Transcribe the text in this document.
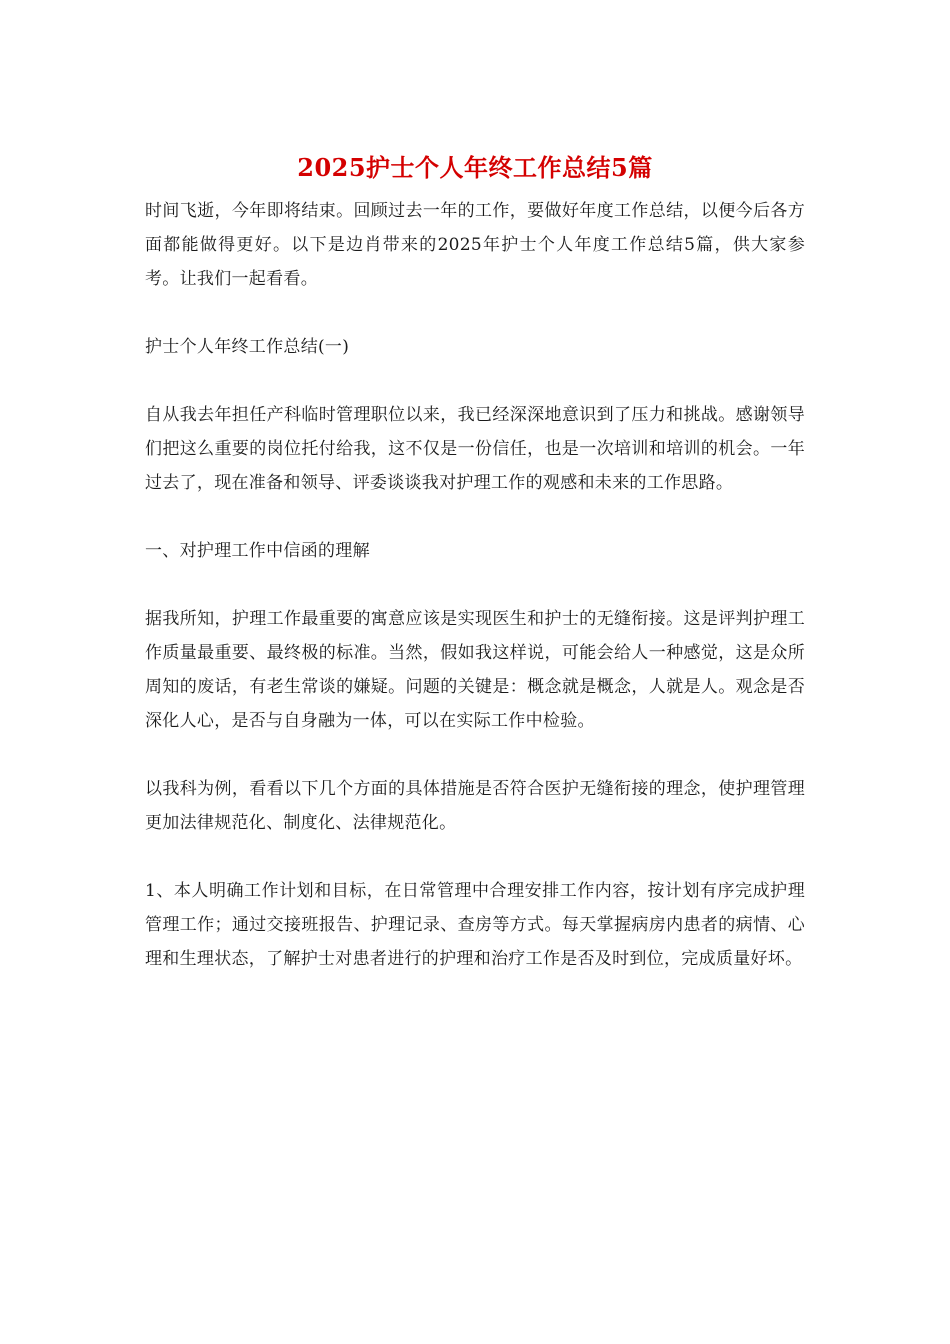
2025护士个人年终工作总结5篇

时间飞逝，今年即将结束。回顾过去一年的工作，要做好年度工作总结，以便今后各方面都能做得更好。以下是边肖带来的2025年护士个人年度工作总结5篇，供大家参考。让我们一起看看。

护士个人年终工作总结(一)

自从我去年担任产科临时管理职位以来，我已经深深地意识到了压力和挑战。感谢领导们把这么重要的岗位托付给我，这不仅是一份信任，也是一次培训和培训的机会。一年过去了，现在准备和领导、评委谈谈我对护理工作的观感和未来的工作思路。

一、对护理工作中信函的理解

据我所知，护理工作最重要的寓意应该是实现医生和护士的无缝衔接。这是评判护理工作质量最重要、最终极的标准。当然，假如我这样说，可能会给人一种感觉，这是众所周知的废话，有老生常谈的嫌疑。问题的关键是：概念就是概念，人就是人。观念是否深化人心，是否与自身融为一体，可以在实际工作中检验。

以我科为例，看看以下几个方面的具体措施是否符合医护无缝衔接的理念，使护理管理更加法律规范化、制度化、法律规范化。

1、本人明确工作计划和目标，在日常管理中合理安排工作内容，按计划有序完成护理管理工作；通过交接班报告、护理记录、查房等方式。每天掌握病房内患者的病情、心理和生理状态，了解护士对患者进行的护理和治疗工作是否及时到位，完成质量好坏。
